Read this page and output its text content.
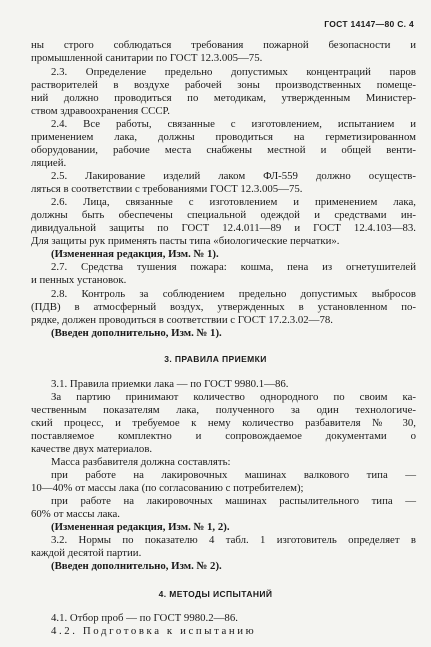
ГОСТ 14147—80 С. 4
ны строго соблюдаться требования пожарной безопасности и
промышленной санитарии по ГОСТ 12.3.005—75.
2.3. Определение предельно допустимых концентраций паров
растворителей в воздухе рабочей зоны производственных помеще-
ний должно проводиться по методикам, утвержденным Министер-
ством здравоохранения СССР.
2.4. Все работы, связанные с изготовлением, испытанием и
применением лака, должны проводиться на герметизированном
оборудовании, рабочие места снабжены местной и общей венти-
ляцией.
2.5. Лакирование изделий лаком ФЛ-559 должно осуществ-
ляться в соответствии с требованиями ГОСТ 12.3.005—75.
2.6. Лица, связанные с изготовлением и применением лака,
должны быть обеспечены специальной одеждой и средствами ин-
дивидуальной защиты по ГОСТ 12.4.011—89 и ГОСТ 12.4.103—83.
Для защиты рук применять пасты типа «биологические перчатки».
(Измененная редакция, Изм. № 1).
2.7. Средства тушения пожара: кошма, пена из огнетушителей
и пенных установок.
2.8. Контроль за соблюдением предельно допустимых выбросов
(ПДВ) в атмосферный воздух, утвержденных в установленном по-
рядке, должен проводиться в соответствии с ГОСТ 17.2.3.02—78.
(Введен дополнительно, Изм. № 1).
3. ПРАВИЛА ПРИЕМКИ
3.1. Правила приемки лака — по ГОСТ 9980.1—86.
За партию принимают количество однородного по своим ка-
чественным показателям лака, полученного за один технологиче-
ский процесс, и требуемое к нему количество разбавителя № 30,
поставляемое комплектно и сопровождаемое документами о
качестве двух материалов.
Масса разбавителя должна составлять:
при работе на лакировочных машинах валкового типа —
10—40% от массы лака (по согласованию с потребителем);
при работе на лакировочных машинах распылительного типа —
60% от массы лака.
(Измененная редакция, Изм. № 1, 2).
3.2. Нормы по показателю 4 табл. 1 изготовитель определяет в
каждой десятой партии.
(Введен дополнительно, Изм. № 2).
4. МЕТОДЫ ИСПЫТАНИЙ
4.1. Отбор проб — по ГОСТ 9980.2—86.
4.2. Подготовка к испытанию
